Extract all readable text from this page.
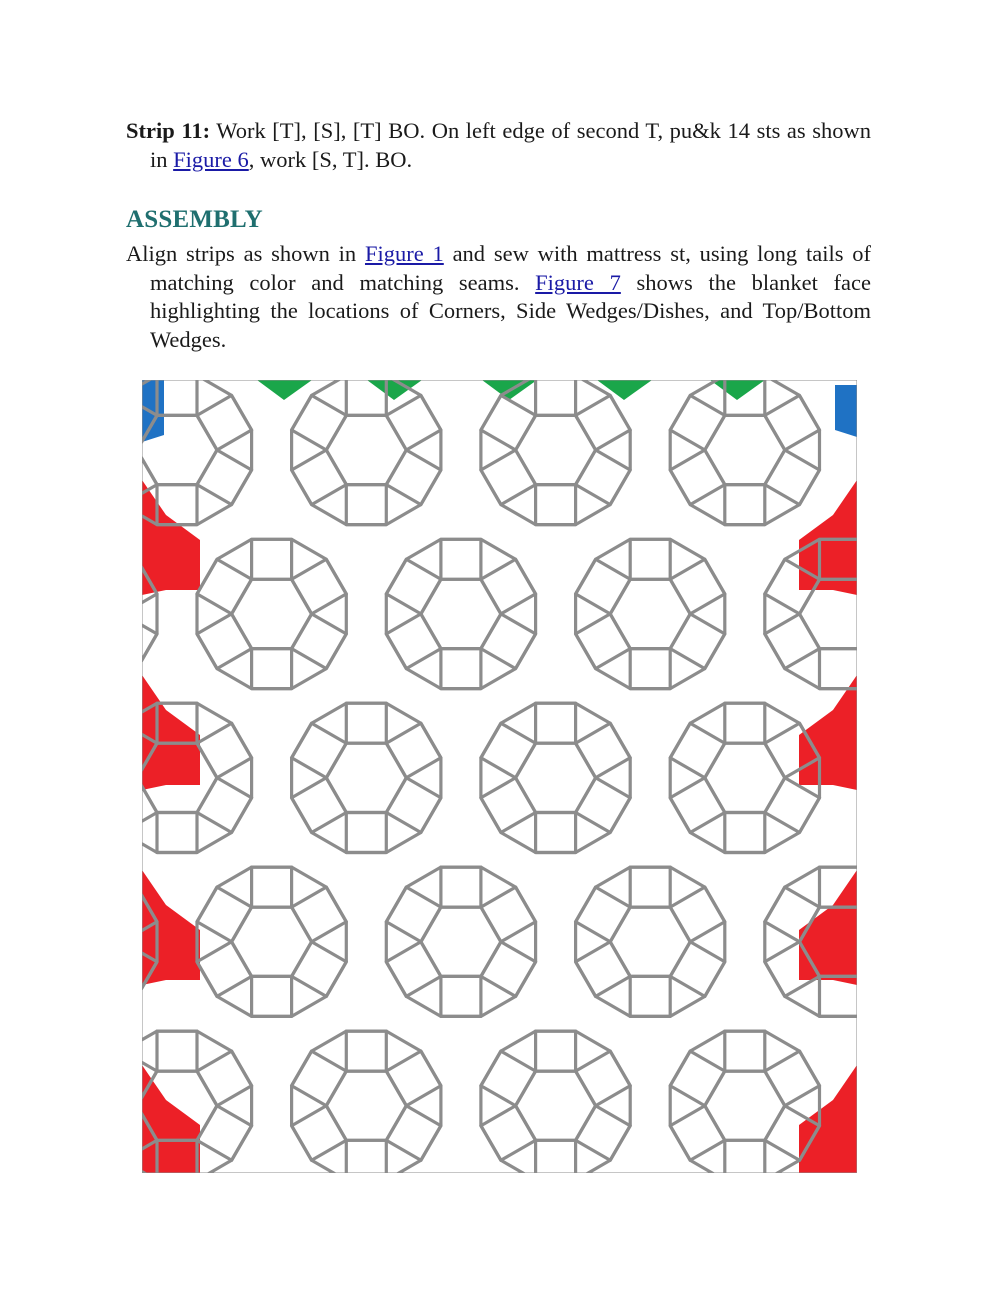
Strip 11: Work [T], [S], [T] BO. On left edge of second T, pu&k 14 sts as shown in Figure 6, work [S, T]. BO.

ASSEMBLY

Align strips as shown in Figure 1 and sew with mattress st, using long tails of matching color and matching seams. Figure 7 shows the blanket face highlighting the locations of Corners, Side Wedges/Dishes, and Top/Bottom Wedges.
